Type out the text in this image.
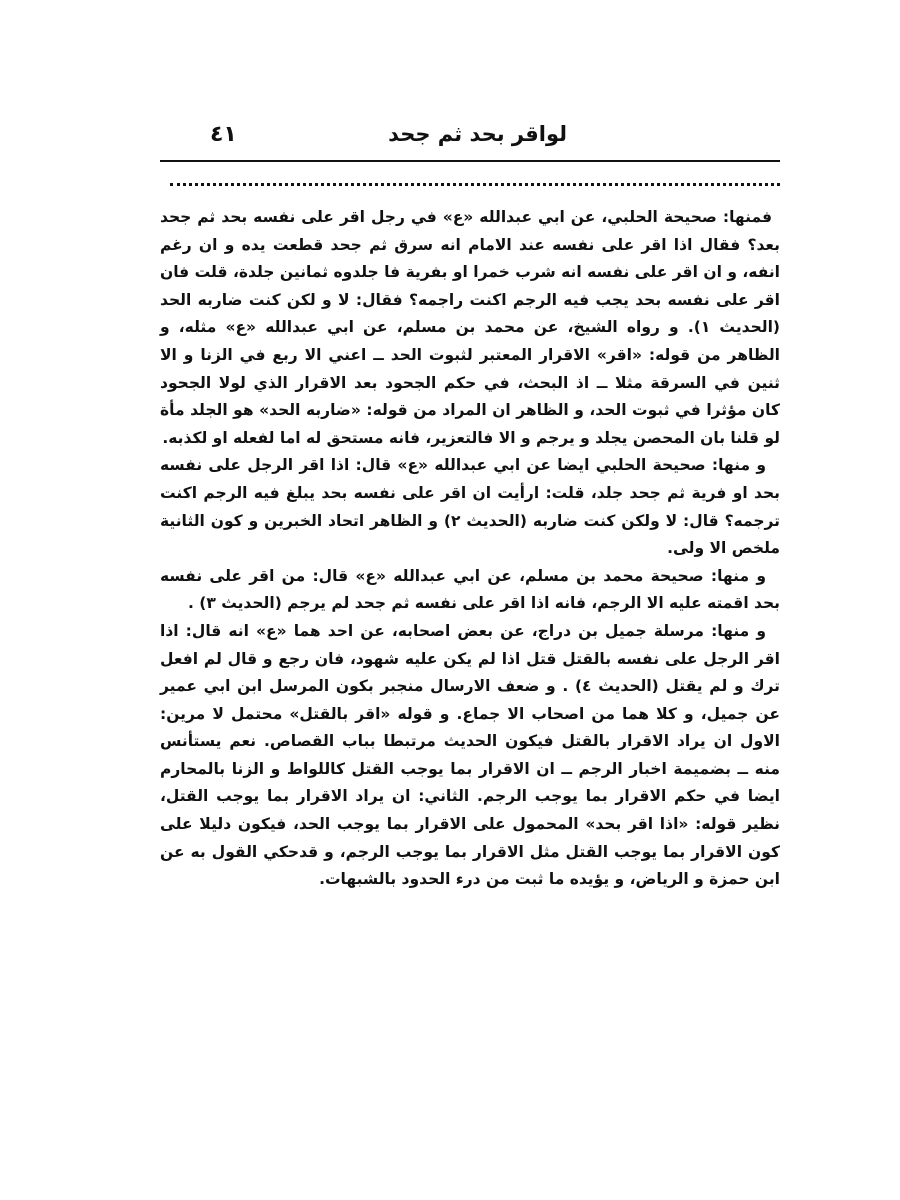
٤١	لواقر بحد ثم جحد

فمنها: صحيحة الحلبي، عن ابي عبدالله «ع» في رجل اقر على نفسه بحد ثم جحد بعد؟ فقال اذا اقر على نفسه عند الامام انه سرق ثم جحد قطعت يده و ان رغم انفه، و ان اقر على نفسه انه شرب خمرا او بفرية فا جلدوه ثمانين جلدة، قلت فان اقر على نفسه بحد يجب فيه الرجم اكنت راجمه؟ فقال: لا و لكن كنت ضاربه الحد (الحديث ١). و رواه الشيخ، عن محمد بن مسلم، عن ابي عبدالله «ع» مثله، و الظاهر من قوله: «اقر» الاقرار المعتبر لثبوت الحد ــ اعني الا ربع في الزنا و الا ثنين في السرقة مثلا ــ اذ البحث، في حكم الجحود بعد الاقرار الذي لولا الجحود كان مؤثرا في ثبوت الحد، و الظاهر ان المراد من قوله: «ضاربه الحد» هو الجلد مأة لو قلنا بان المحصن يجلد و يرجم و الا فالتعزير، فانه مستحق له اما لفعله او لكذبه.

و منها: صحيحة الحلبي ايضا عن ابي عبدالله «ع» قال: اذا اقر الرجل على نفسه بحد او فرية ثم جحد جلد، قلت: ارأيت ان اقر على نفسه بحد يبلغ فيه الرجم اكنت ترجمه؟ قال: لا ولكن كنت ضاربه (الحديث ٢) و الظاهر اتحاد الخبرين و كون الثانية ملخص الا ولى.

و منها: صحيحة محمد بن مسلم، عن ابي عبدالله «ع» قال: من اقر على نفسه بحد اقمته عليه الا الرجم، فانه اذا اقر على نفسه ثم جحد لم يرجم (الحديث ٣) .

و منها: مرسلة جميل بن دراج، عن بعض اصحابه، عن احد هما «ع» انه قال: اذا اقر الرجل على نفسه بالقتل قتل اذا لم يكن عليه شهود، فان رجع و قال لم افعل ترك و لم يقتل (الحديث ٤) . و ضعف الارسال منجبر بكون المرسل ابن ابي عمير عن جميل، و كلا هما من اصحاب الا جماع. و قوله «اقر بالقتل» محتمل لا مرين: الاول ان يراد الاقرار بالقتل فيكون الحديث مرتبطا بباب القصاص. نعم يستأنس منه ــ بضميمة اخبار الرجم ــ ان الاقرار بما يوجب القتل كاللواط و الزنا بالمحارم ايضا في حكم الاقرار بما يوجب الرجم. الثاني: ان يراد الاقرار بما يوجب القتل، نظير قوله: «اذا اقر بحد» المحمول على الاقرار بما يوجب الحد، فيكون دليلا على كون الاقرار بما يوجب القتل مثل الاقرار بما يوجب الرجم، و قدحكي القول به عن ابن حمزة و الرياض، و يؤيده ما ثبت من درء الحدود بالشبهات.
